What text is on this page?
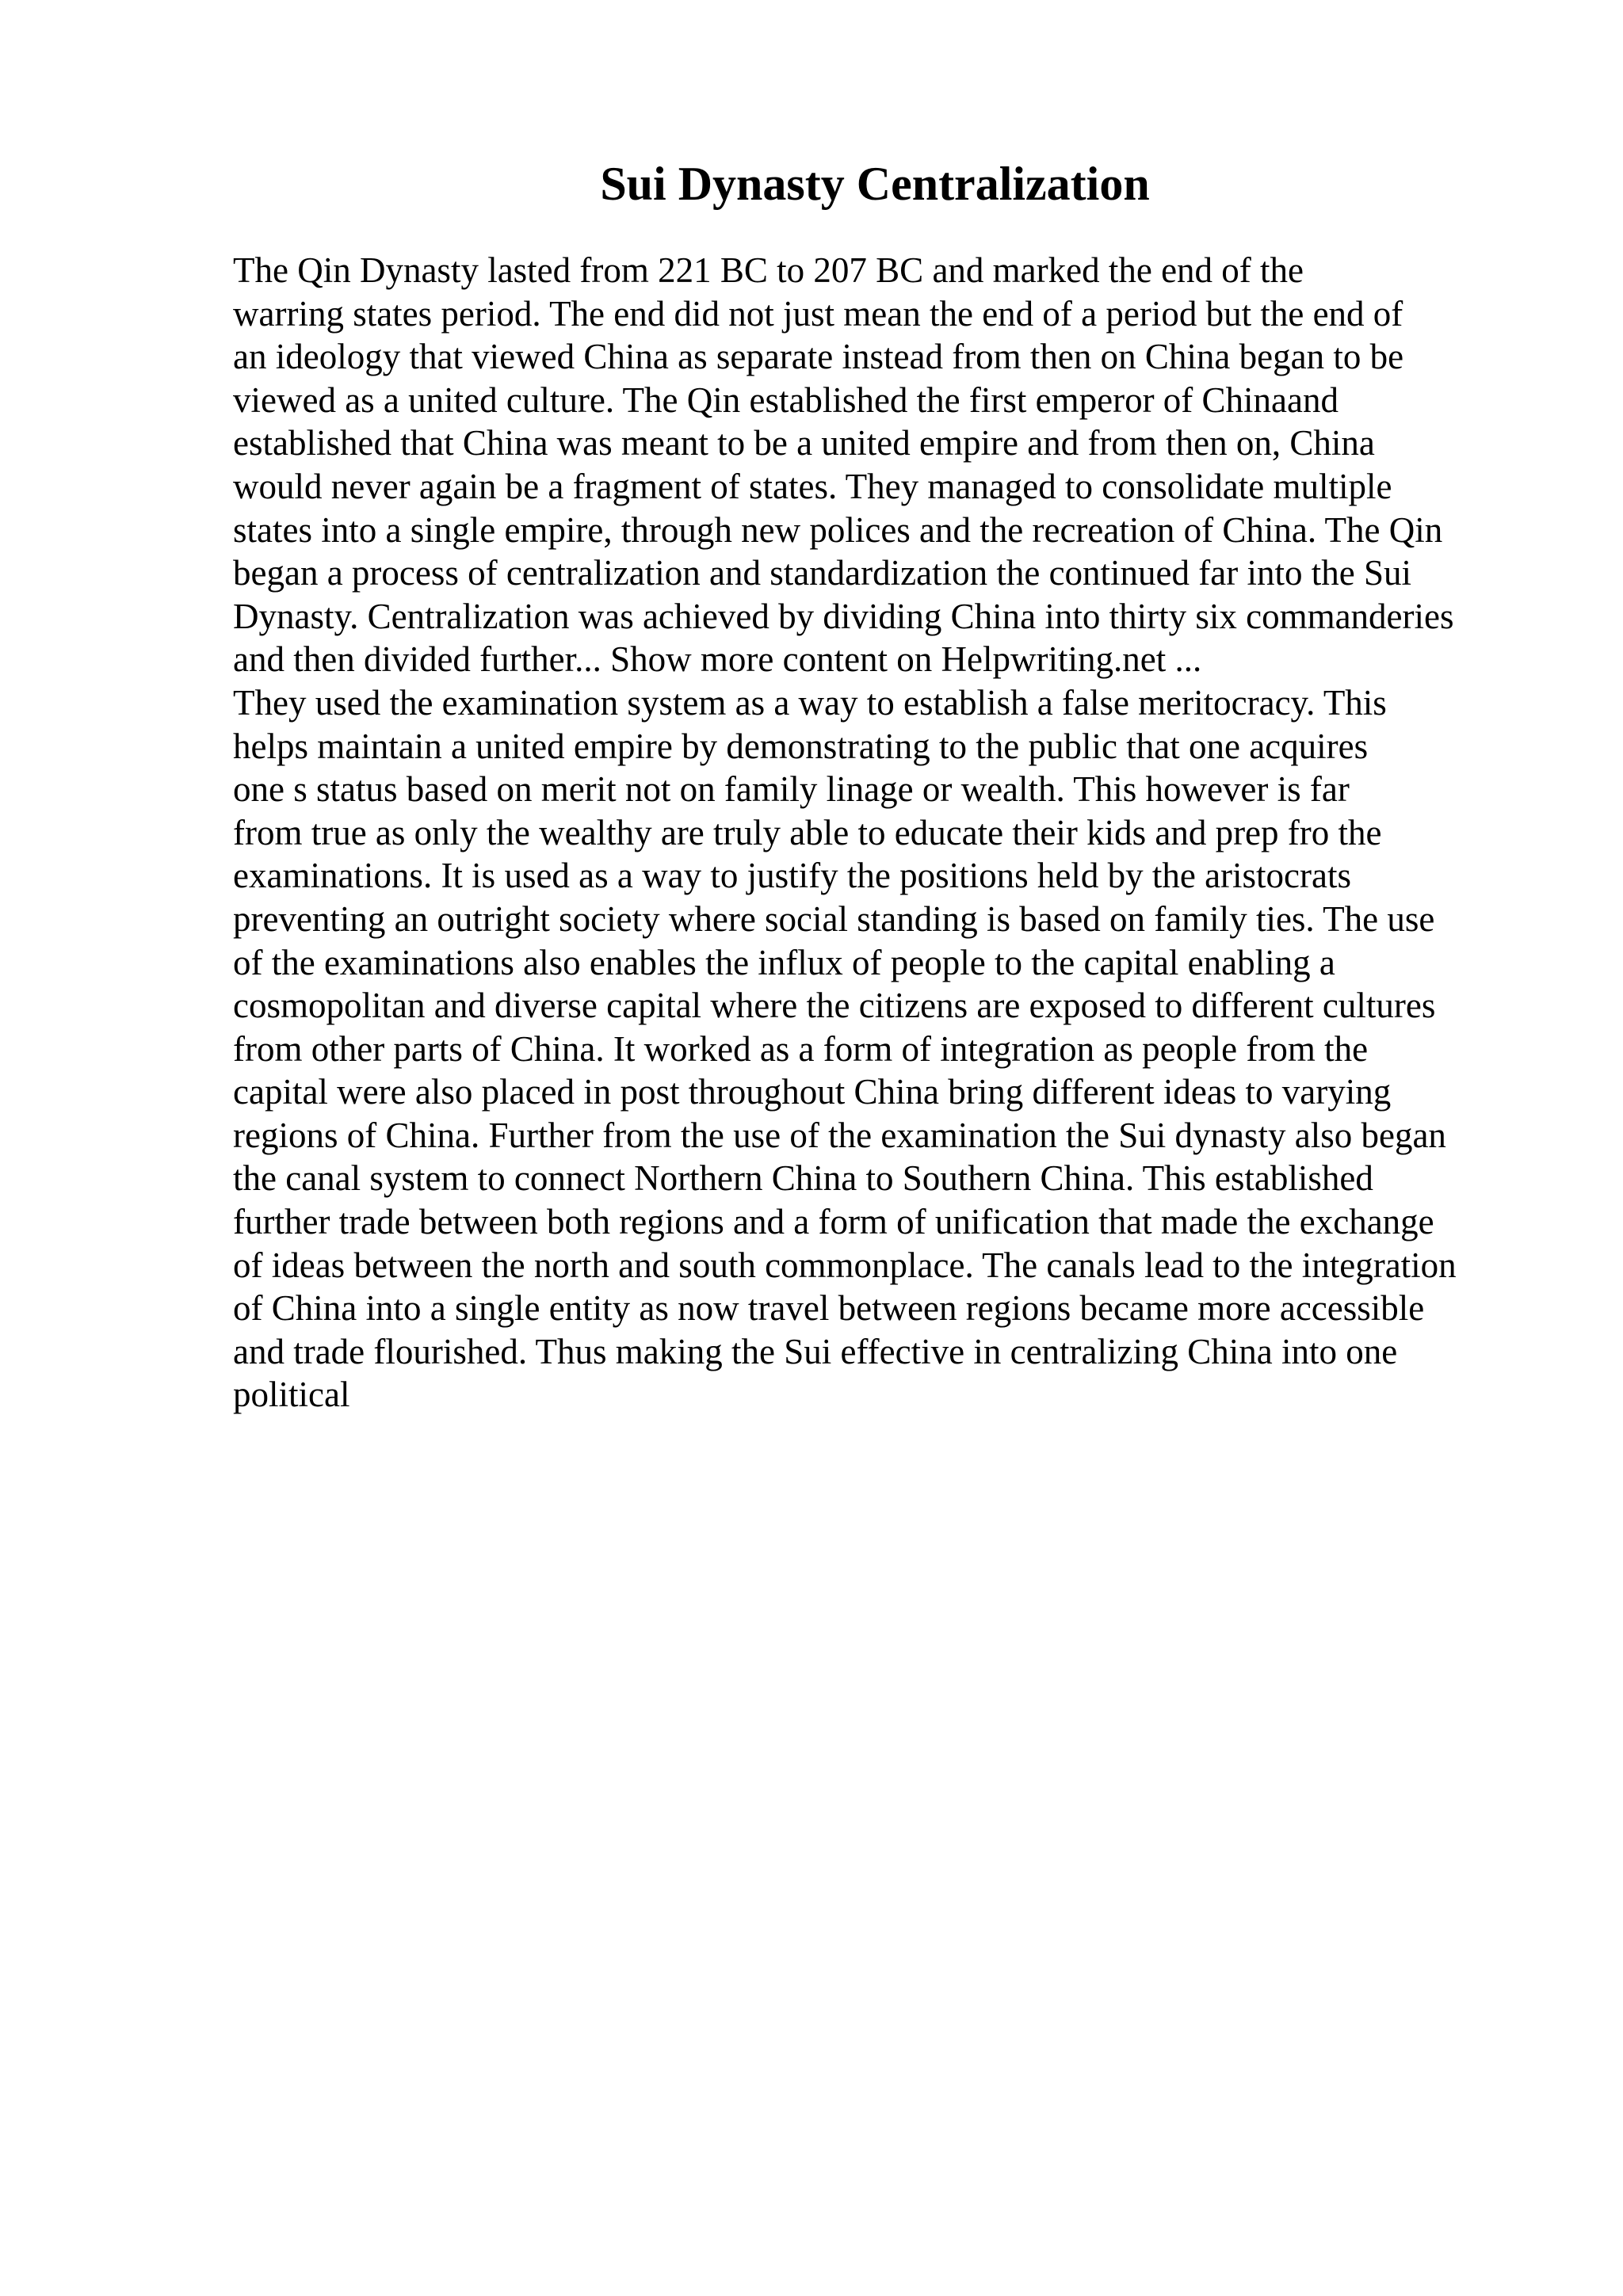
Sui Dynasty Centralization
The Qin Dynasty lasted from 221 BC to 207 BC and marked the end of the
warring states period. The end did not just mean the end of a period but the end of
an ideology that viewed China as separate instead from then on China began to be
viewed as a united culture. The Qin established the first emperor of Chinaand
established that China was meant to be a united empire and from then on, China
would never again be a fragment of states. They managed to consolidate multiple
states into a single empire, through new polices and the recreation of China. The Qin
began a process of centralization and standardization the continued far into the Sui
Dynasty. Centralization was achieved by dividing China into thirty six commanderies
and then divided further... Show more content on Helpwriting.net ...
They used the examination system as a way to establish a false meritocracy. This
helps maintain a united empire by demonstrating to the public that one acquires
one s status based on merit not on family linage or wealth. This however is far
from true as only the wealthy are truly able to educate their kids and prep fro the
examinations. It is used as a way to justify the positions held by the aristocrats
preventing an outright society where social standing is based on family ties. The use
of the examinations also enables the influx of people to the capital enabling a
cosmopolitan and diverse capital where the citizens are exposed to different cultures
from other parts of China. It worked as a form of integration as people from the
capital were also placed in post throughout China bring different ideas to varying
regions of China. Further from the use of the examination the Sui dynasty also began
the canal system to connect Northern China to Southern China. This established
further trade between both regions and a form of unification that made the exchange
of ideas between the north and south commonplace. The canals lead to the integration
of China into a single entity as now travel between regions became more accessible
and trade flourished. Thus making the Sui effective in centralizing China into one
political
